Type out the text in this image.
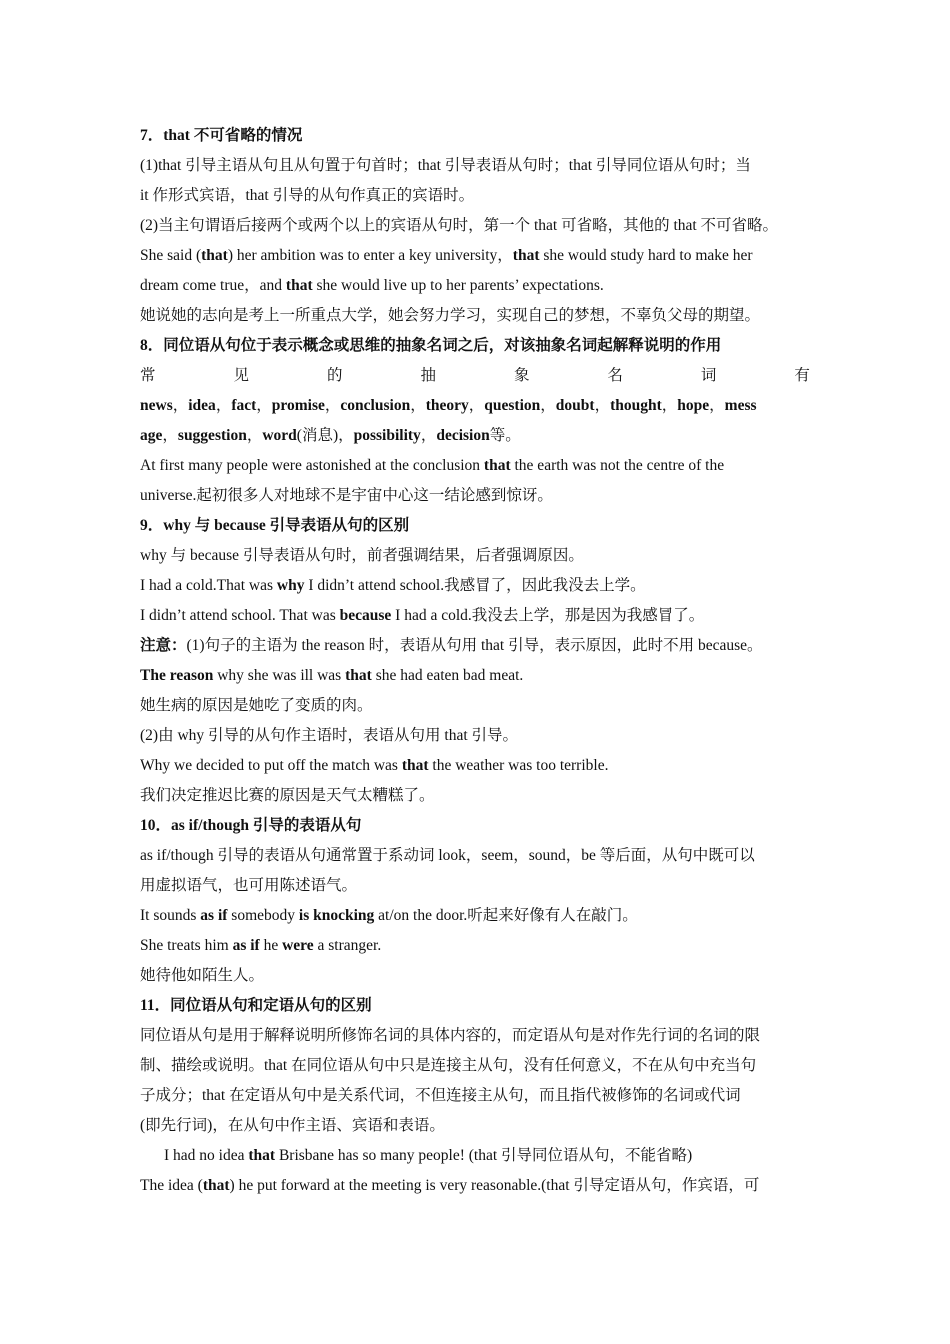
7．that 不可省略的情况

(1)that 引导主语从句且从句置于句首时；that 引导表语从句时；that 引导同位语从句时；当

it 作形式宾语，that 引导的从句作真正的宾语时。

(2)当主句谓语后接两个或两个以上的宾语从句时，第一个 that 可省略，其他的 that 不可省略。

She said (that) her ambition was to enter a key university，that she would study hard to make her

dream come true，and that she would live up to her parents’ expectations.

她说她的志向是考上一所重点大学，她会努力学习，实现自己的梦想，不辜负父母的期望。

8．同位语从句位于表示概念或思维的抽象名词之后，对该抽象名词起解释说明的作用

常	见	的	抽	象	名	词	有

news，idea，fact，promise，conclusion，theory，question，doubt，thought，hope，mess

age，suggestion，word(消息)，possibility，decision等。

At first many people were astonished at the conclusion that the earth was not the centre of the

universe.起初很多人对地球不是宇宙中心这一结论感到惊讶。

9．why 与 because 引导表语从句的区别

why 与 because 引导表语从句时，前者强调结果，后者强调原因。

I had a cold.That was why I didn’t attend school.我感冒了，因此我没去上学。

I didn’t attend school. That was because I had a cold.我没去上学，那是因为我感冒了。

注意：(1)句子的主语为 the reason 时，表语从句用 that 引导，表示原因，此时不用 because。

The reason why she was ill was that she had eaten bad meat.

她生病的原因是她吃了变质的肉。

(2)由 why 引导的从句作主语时，表语从句用 that 引导。

Why we decided to put off the match was that the weather was too terrible.

我们决定推迟比赛的原因是天气太糟糕了。

10．as if/though 引导的表语从句

as if/though 引导的表语从句通常置于系动词 look，seem，sound，be 等后面，从句中既可以

用虚拟语气，也可用陈述语气。

It sounds as if somebody is knocking at/on the door.听起来好像有人在敲门。

She treats him as if he were a stranger.

她待他如陌生人。

11．同位语从句和定语从句的区别

同位语从句是用于解释说明所修饰名词的具体内容的，而定语从句是对作先行词的名词的限

制、描绘或说明。that 在同位语从句中只是连接主从句，没有任何意义，不在从句中充当句

子成分；that 在定语从句中是关系代词，不但连接主从句，而且指代被修饰的名词或代词

(即先行词)，在从句中作主语、宾语和表语。

I had no idea that Brisbane has so many people! (that 引导同位语从句，不能省略)

The idea (that) he put forward at the meeting is very reasonable.(that 引导定语从句，作宾语，可
